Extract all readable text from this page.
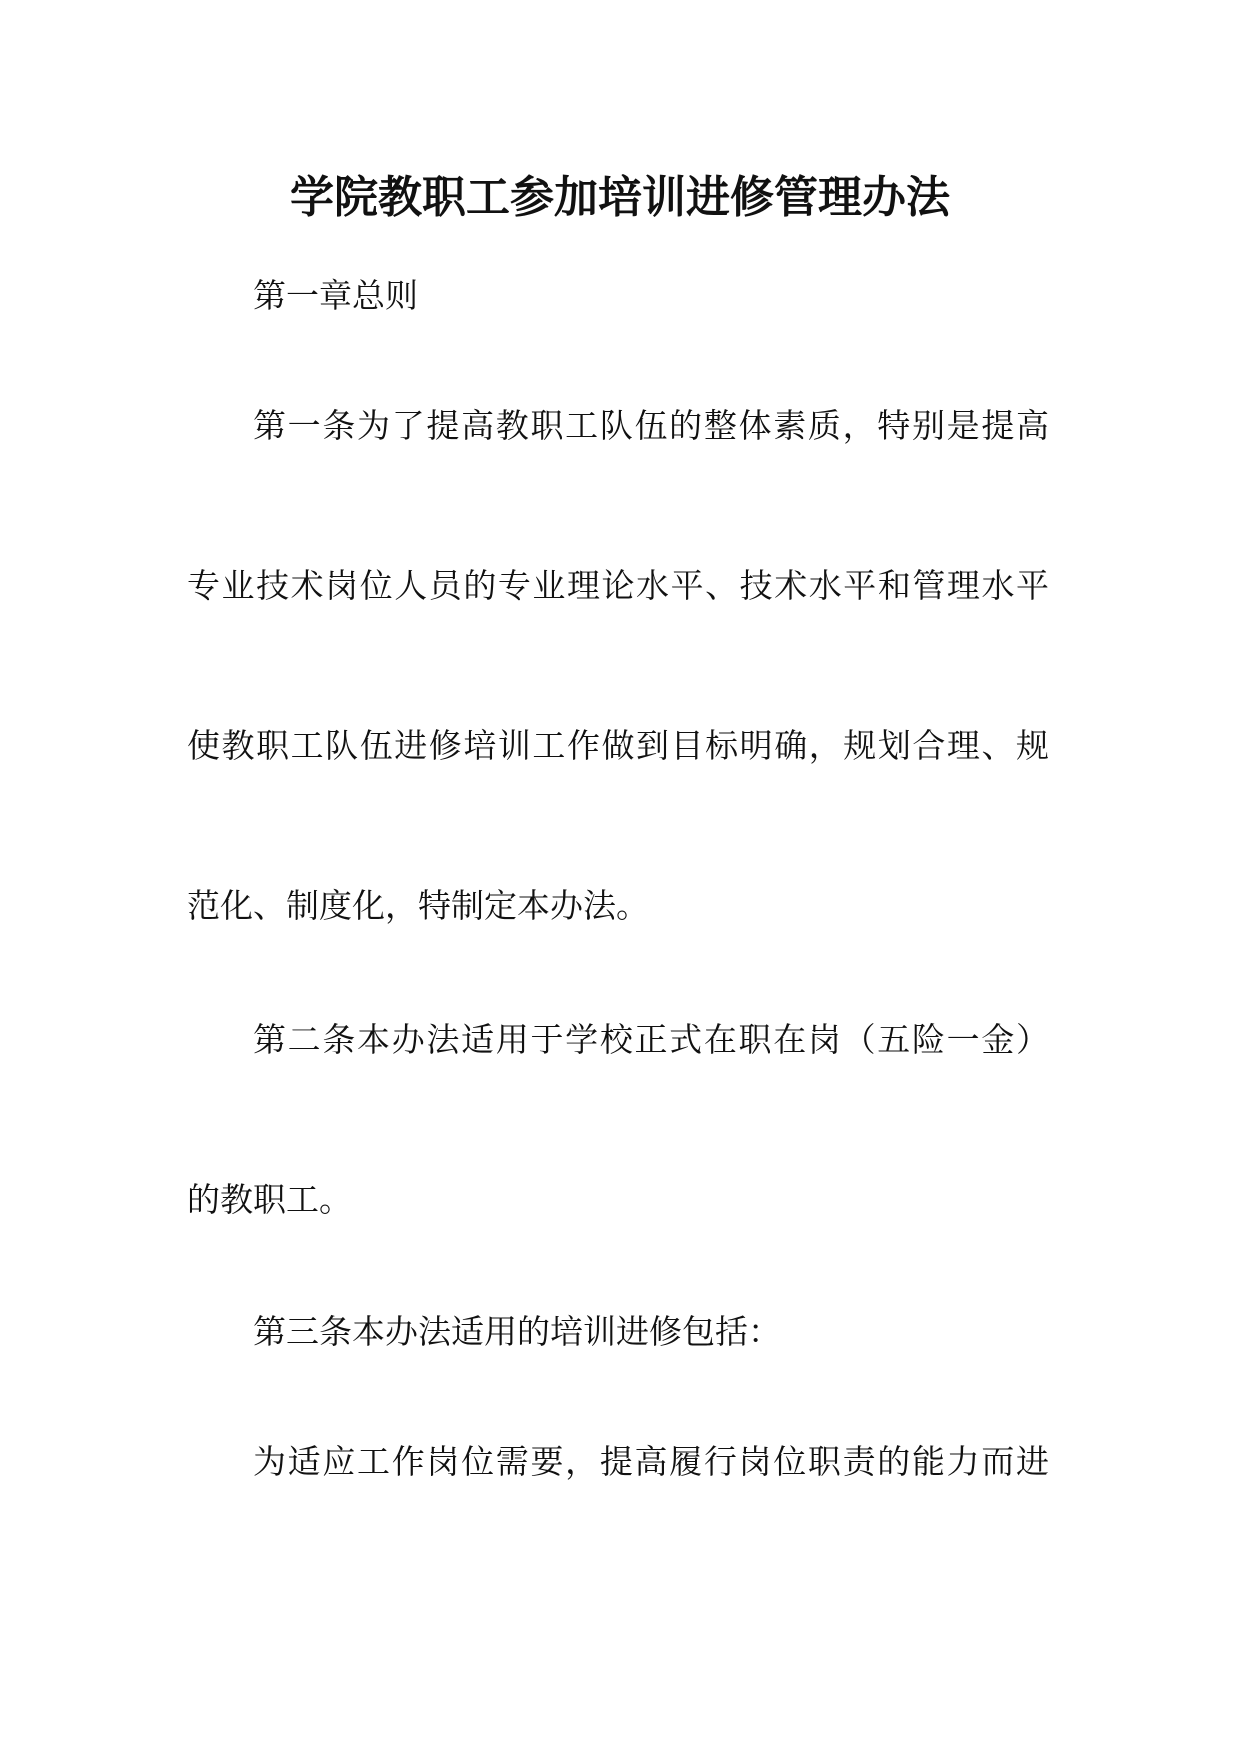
学院教职工参加培训进修管理办法
第一章总则
第一条为了提高教职工队伍的整体素质，特别是提高
专业技术岗位人员的专业理论水平、技术水平和管理水平
使教职工队伍进修培训工作做到目标明确，规划合理、规
范化、制度化，特制定本办法。
第二条本办法适用于学校正式在职在岗（五险一金）
的教职工。
第三条本办法适用的培训进修包括：
为适应工作岗位需要，提高履行岗位职责的能力而进
